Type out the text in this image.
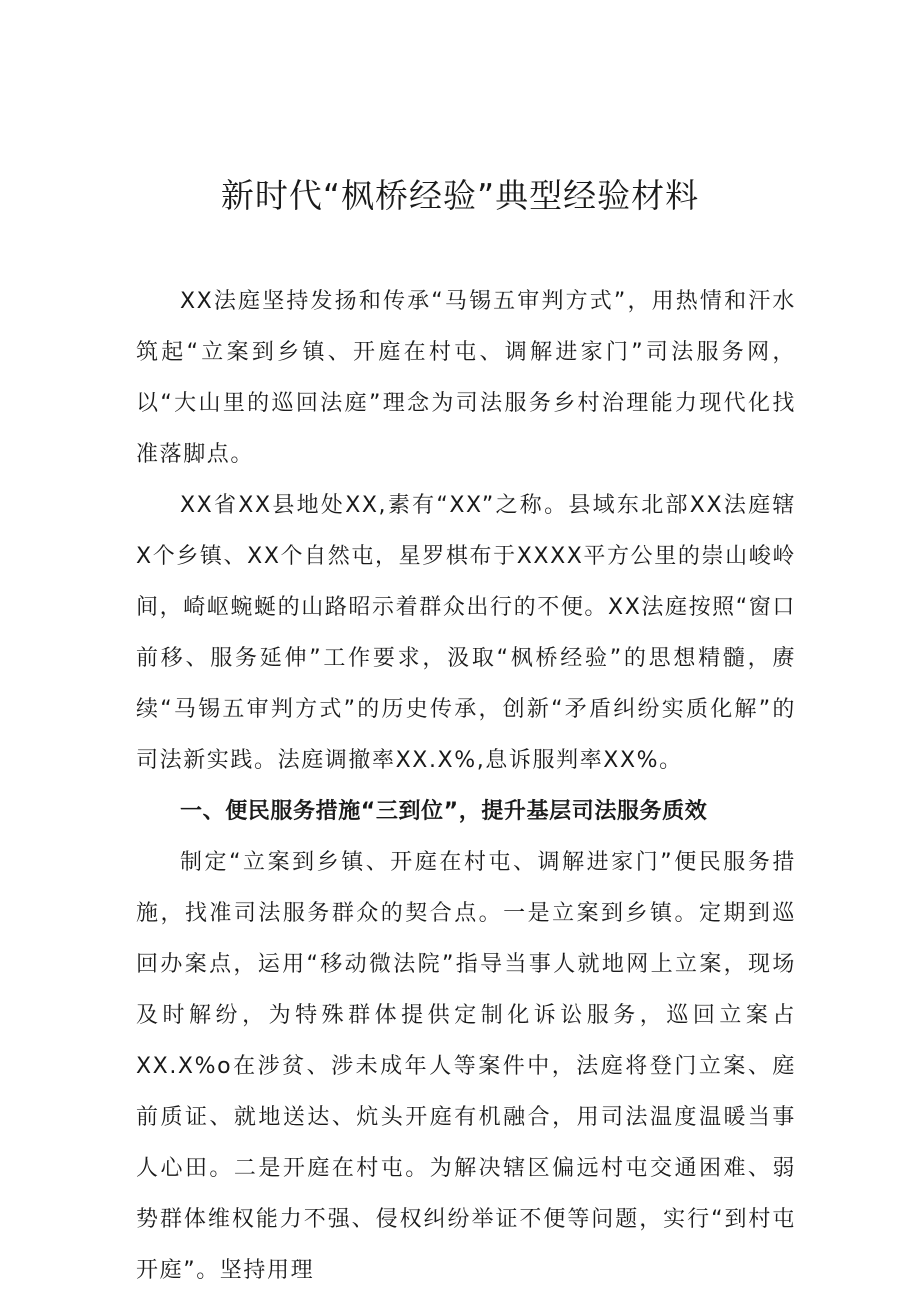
新时代“枫桥经验”典型经验材料

XX法庭坚持发扬和传承“马锡五审判方式”，用热情和汗水筑起“立案到乡镇、开庭在村屯、调解进家门”司法服务网，以“大山里的巡回法庭”理念为司法服务乡村治理能力现代化找准落脚点。

XX省XX县地处XX,素有“XX”之称。县域东北部XX法庭辖X个乡镇、XX个自然屯，星罗棋布于XXXX平方公里的崇山峻岭间，崎岖蜿蜒的山路昭示着群众出行的不便。XX法庭按照“窗口前移、服务延伸”工作要求，汲取“枫桥经验”的思想精髓，赓续“马锡五审判方式”的历史传承，创新“矛盾纠纷实质化解”的司法新实践。法庭调撤率XX.X%,息诉服判率XX%。

一、便民服务措施“三到位”，提升基层司法服务质效

制定“立案到乡镇、开庭在村屯、调解进家门”便民服务措施，找准司法服务群众的契合点。一是立案到乡镇。定期到巡回办案点，运用“移动微法院”指导当事人就地网上立案，现场及时解纷，为特殊群体提供定制化诉讼服务，巡回立案占XX.X%o在涉贫、涉未成年人等案件中，法庭将登门立案、庭前质证、就地送达、炕头开庭有机融合，用司法温度温暖当事人心田。二是开庭在村屯。为解决辖区偏远村屯交通困难、弱势群体维权能力不强、侵权纠纷举证不便等问题，实行“到村屯开庭”。坚持用理
